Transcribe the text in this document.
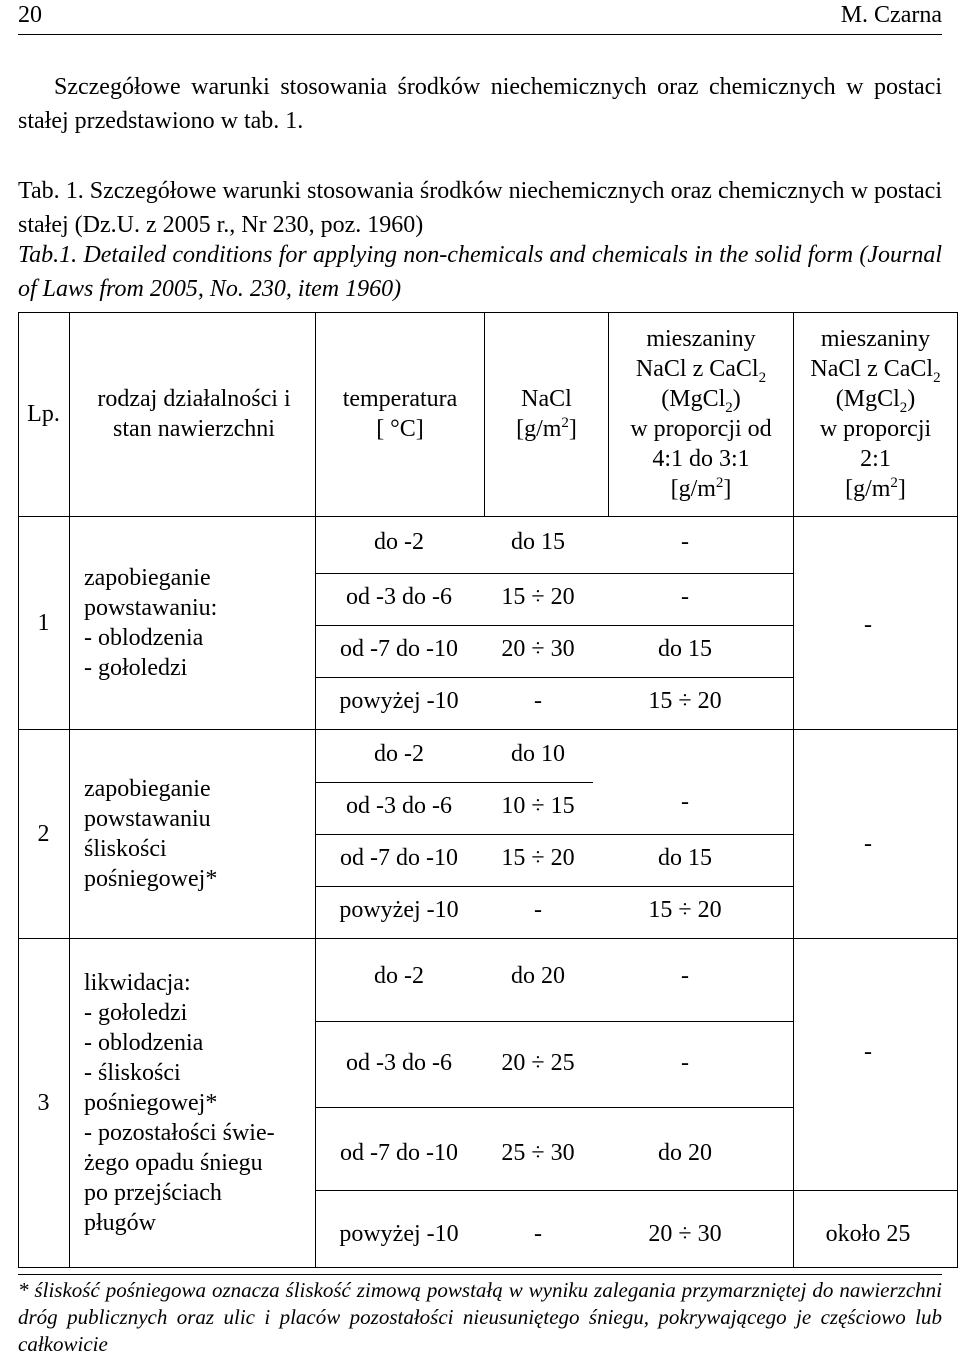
20	M. Czarna

Szczegółowe warunki stosowania środków niechemicznych oraz chemicznych w postaci stałej przedstawiono w tab. 1.

Tab. 1. Szczegółowe warunki stosowania środków niechemicznych oraz chemicznych w postaci stałej (Dz.U. z 2005 r., Nr 230, poz. 1960)

Tab.1. Detailed conditions for applying non-chemicals and chemicals in the solid form (Journal of Laws from 2005, No. 230, item 1960)

Lp.
rodzaj działalności i stan nawierzchni
temperatura
[ °C]
NaCl
$[g/m^2]$
mieszaniny
NaCl z CaCl$_2$
(MgCl$_2$)
w proporcji od
4:1 do 3:1
$[g/m^2]$
mieszaniny
NaCl z CaCl$_2$
(MgCl$_2$)
w proporcji
2:1
$[g/m^2]$
1
zapobieganie
powstawaniu:
- oblodzenia
- gołoledzi
do -2
od -3 do -6
od -7 do -10
powyżej -10
do 15
15 ÷ 20
20 ÷ 30
-
-
-
do 15
15 ÷ 20
-
2
zapobieganie
powstawaniu
śliskości
pośniegowej*
do -2
od -3 do -6
od -7 do -10
powyżej -10
do 10
10 ÷ 15
15 ÷ 20
-
-
do 15
15 ÷ 20
-
3
likwidacja:
- gołoledzi
- oblodzenia
- śliskości
pośniegowej*
- pozostałości świe-
żego opadu śniegu
po przejściach
pługów
do -2
od -3 do -6
od -7 do -10
powyżej -10
do 20
20 ÷ 25
25 ÷ 30
-
-
-
do 20
20 ÷ 30
-
około 25

* śliskość pośniegowa oznacza śliskość zimową powstałą w wyniku zalegania przymarzniętej do nawierzchni dróg publicznych oraz ulic i placów pozostałości nieusuniętego śniegu, pokrywającego je częściowo lub całkowicie
